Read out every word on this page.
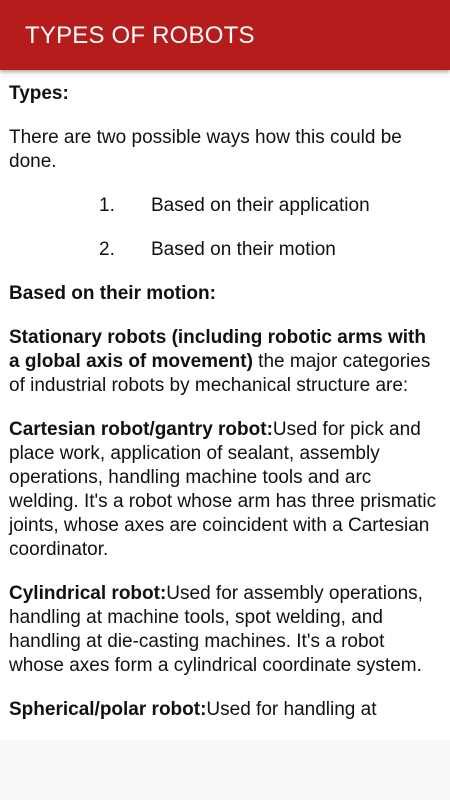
TYPES OF ROBOTS

Types:

There are two possible ways how this could be done.

1.	Based on their application
2.	Based on their motion

Based on their motion:

Stationary robots (including robotic arms with a global axis of movement) the major categories of industrial robots by mechanical structure are:

Cartesian robot/gantry robot:Used for pick and place work, application of sealant, assembly operations, handling machine tools and arc welding. It's a robot whose arm has three prismatic joints, whose axes are coincident with a Cartesian coordinator.

Cylindrical robot:Used for assembly operations, handling at machine tools, spot welding, and handling at die-casting machines. It's a robot whose axes form a cylindrical coordinate system.

Spherical/polar robot:Used for handling at
